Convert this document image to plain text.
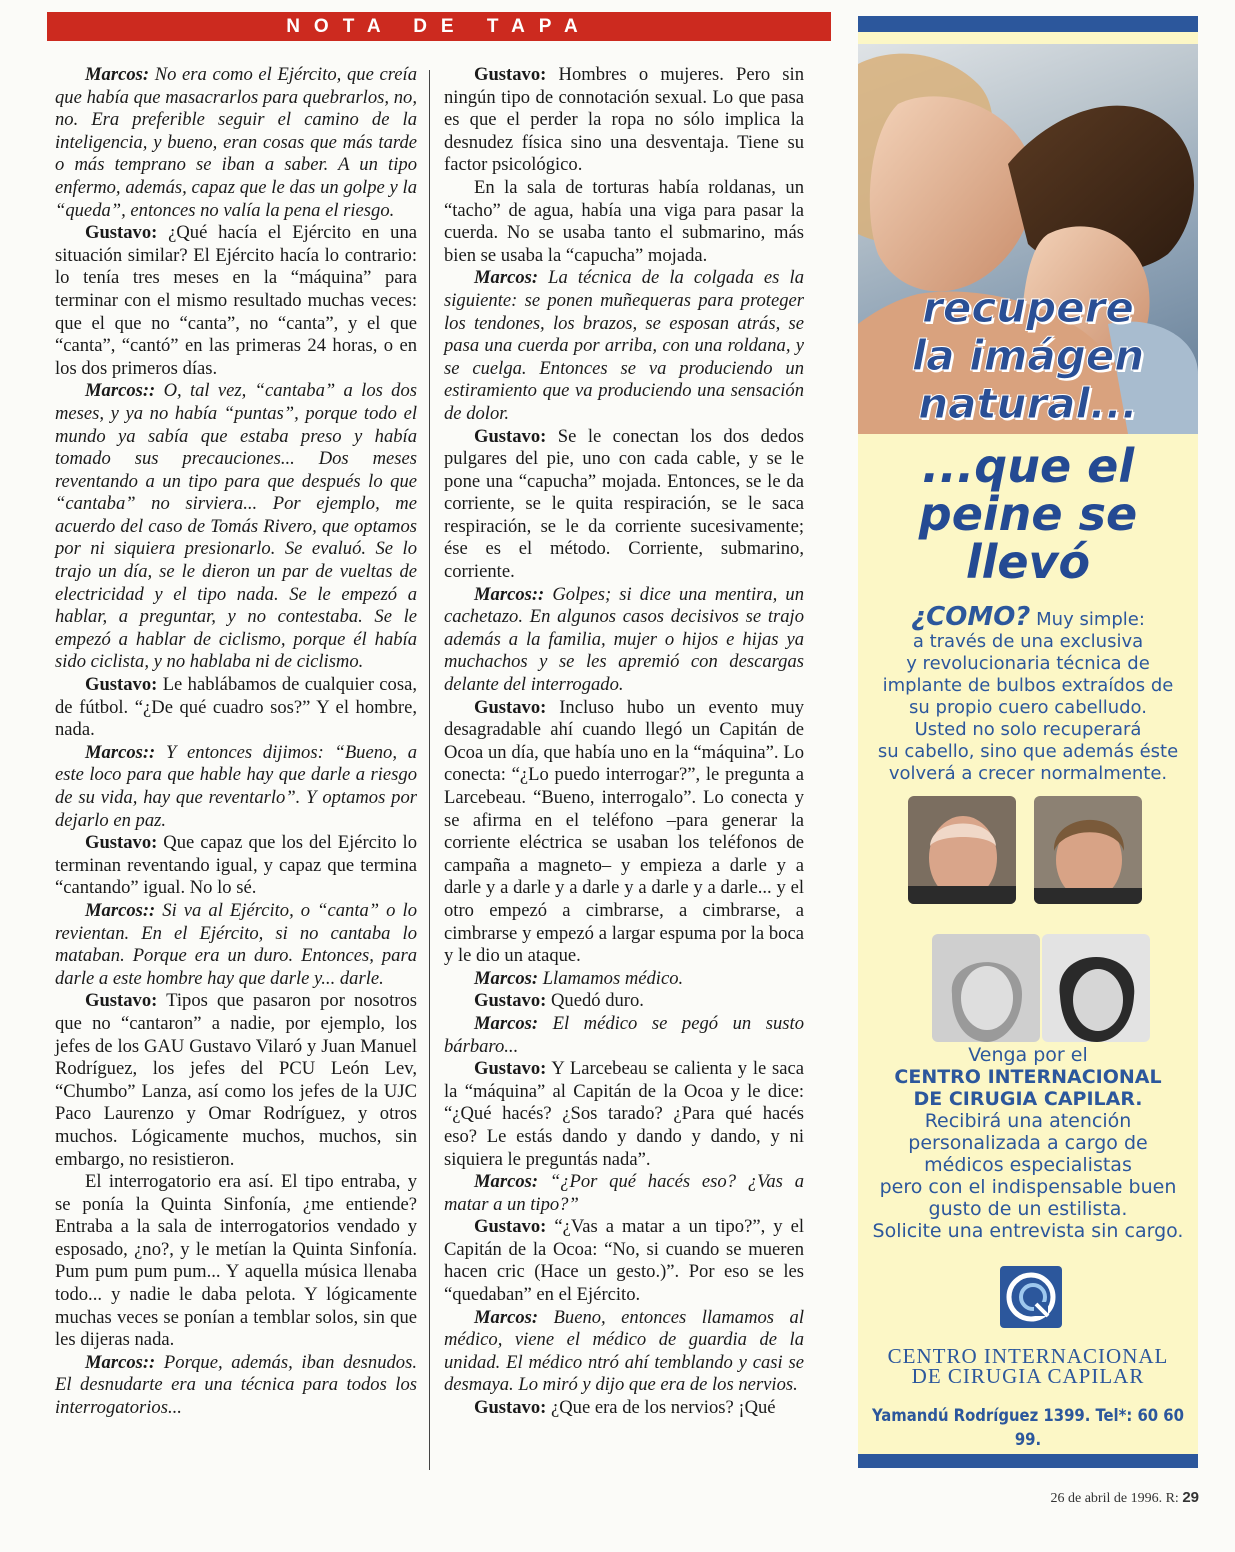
NOTA DE TAPA

Marcos: No era como el Ejército, que creía que había que masacrarlos para quebrarlos, no, no. Era preferible seguir el camino de la inteligencia, y bueno, eran cosas que más tarde o más temprano se iban a saber. A un tipo enfermo, además, capaz que le das un golpe y la “queda”, entonces no valía la pena el riesgo.

Gustavo: ¿Qué hacía el Ejército en una situación similar? El Ejército hacía lo contrario: lo tenía tres meses en la “máquina” para terminar con el mismo resultado muchas veces: que el que no “canta”, no “canta”, y el que “canta”, “cantó” en las primeras 24 horas, o en los dos primeros días.

Marcos:: O, tal vez, “cantaba” a los dos meses, y ya no había “puntas”, porque todo el mundo ya sabía que estaba preso y había tomado sus precauciones... Dos meses reventando a un tipo para que después lo que “cantaba” no sirviera... Por ejemplo, me acuerdo del caso de Tomás Rivero, que optamos por ni siquiera presionarlo. Se evaluó. Se lo trajo un día, se le dieron un par de vueltas de electricidad y el tipo nada. Se le empezó a hablar, a preguntar, y no contestaba. Se le empezó a hablar de ciclismo, porque él había sido ciclista, y no hablaba ni de ciclismo.

Gustavo: Le hablábamos de cualquier cosa, de fútbol. “¿De qué cuadro sos?” Y el hombre, nada.

Marcos:: Y entonces dijimos: “Bueno, a este loco para que hable hay que darle a riesgo de su vida, hay que reventarlo”. Y optamos por dejarlo en paz.

Gustavo: Que capaz que los del Ejército lo terminan reventando igual, y capaz que termina “cantando” igual. No lo sé.

Marcos:: Si va al Ejército, o “canta” o lo revientan. En el Ejército, si no cantaba lo mataban. Porque era un duro. Entonces, para darle a este hombre hay que darle y... darle.

Gustavo: Tipos que pasaron por nosotros que no “cantaron” a nadie, por ejemplo, los jefes de los GAU Gustavo Vilaró y Juan Manuel Rodríguez, los jefes del PCU León Lev, “Chumbo” Lanza, así como los jefes de la UJC Paco Laurenzo y Omar Rodríguez, y otros muchos. Lógicamente muchos, muchos, sin embargo, no resistieron.

El interrogatorio era así. El tipo entraba, y se ponía la Quinta Sinfonía, ¿me entiende? Entraba a la sala de interrogatorios vendado y esposado, ¿no?, y le metían la Quinta Sinfonía. Pum pum pum pum... Y aquella música llenaba todo... y nadie le daba pelota. Y lógicamente muchas veces se ponían a temblar solos, sin que les dijeras nada.

Marcos:: Porque, además, iban desnudos. El desnudarte era una técnica para todos los interrogatorios...

Gustavo: Hombres o mujeres. Pero sin ningún tipo de connotación sexual. Lo que pasa es que el perder la ropa no sólo implica la desnudez física sino una desventaja. Tiene su factor psicológico.

En la sala de torturas había roldanas, un “tacho” de agua, había una viga para pasar la cuerda. No se usaba tanto el submarino, más bien se usaba la “capucha” mojada.

Marcos: La técnica de la colgada es la siguiente: se ponen muñequeras para proteger los tendones, los brazos, se esposan atrás, se pasa una cuerda por arriba, con una roldana, y se cuelga. Entonces se va produciendo un estiramiento que va produciendo una sensación de dolor.

Gustavo: Se le conectan los dos dedos pulgares del pie, uno con cada cable, y se le pone una “capucha” mojada. Entonces, se le da corriente, se le quita respiración, se le saca respiración, se le da corriente sucesivamente; ése es el método. Corriente, submarino, corriente.

Marcos:: Golpes; si dice una mentira, un cachetazo. En algunos casos decisivos se trajo además a la familia, mujer o hijos e hijas ya muchachos y se les apremió con descargas delante del interrogado.

Gustavo: Incluso hubo un evento muy desagradable ahí cuando llegó un Capitán de Ocoa un día, que había uno en la “máquina”. Lo conecta: “¿Lo puedo interrogar?”, le pregunta a Larcebeau. “Bueno, interrogalo”. Lo conecta y se afirma en el teléfono –para generar la corriente eléctrica se usaban los teléfonos de campaña a magneto– y empieza a darle y a darle y a darle y a darle y a darle y a darle... y el otro empezó a cimbrarse, a cimbrarse, a cimbrarse y empezó a largar espuma por la boca y le dio un ataque.

Marcos: Llamamos médico.

Gustavo: Quedó duro.

Marcos: El médico se pegó un susto bárbaro...

Gustavo: Y Larcebeau se calienta y le saca la “máquina” al Capitán de la Ocoa y le dice: “¿Qué hacés? ¿Sos tarado? ¿Para qué hacés eso? Le estás dando y dando y dando, y ni siquiera le preguntás nada”.

Marcos: “¿Por qué hacés eso? ¿Vas a matar a un tipo?”

Gustavo: “¿Vas a matar a un tipo?”, y el Capitán de la Ocoa: “No, si cuando se mueren hacen cric (Hace un gesto.)”. Por eso se les “quedaban” en el Ejército.

Marcos: Bueno, entonces llamamos al médico, viene el médico de guardia de la unidad. El médico ntró ahí temblando y casi se desmaya. Lo miró y dijo que era de los nervios.

Gustavo: ¿Que era de los nervios? ¡Qué

recupere
la imágen
natural...
...que el
peine se
llevó
¿COMO? Muy simple:
a través de una exclusiva
y revolucionaria técnica de
implante de bulbos extraídos de
su propio cuero cabelludo.
Usted no solo recuperará
su cabello, sino que además éste
volverá a crecer normalmente.
Venga por el
CENTRO INTERNACIONAL
DE CIRUGIA CAPILAR.
Recibirá una atención
personalizada a cargo de
médicos especialistas
pero con el indispensable buen
gusto de un estilista.
Solicite una entrevista sin cargo.
CENTRO INTERNACIONAL
DE CIRUGIA CAPILAR
Yamandú Rodríguez 1399. Tel*: 60 60 99.
26 de abril de 1996. R: 29
